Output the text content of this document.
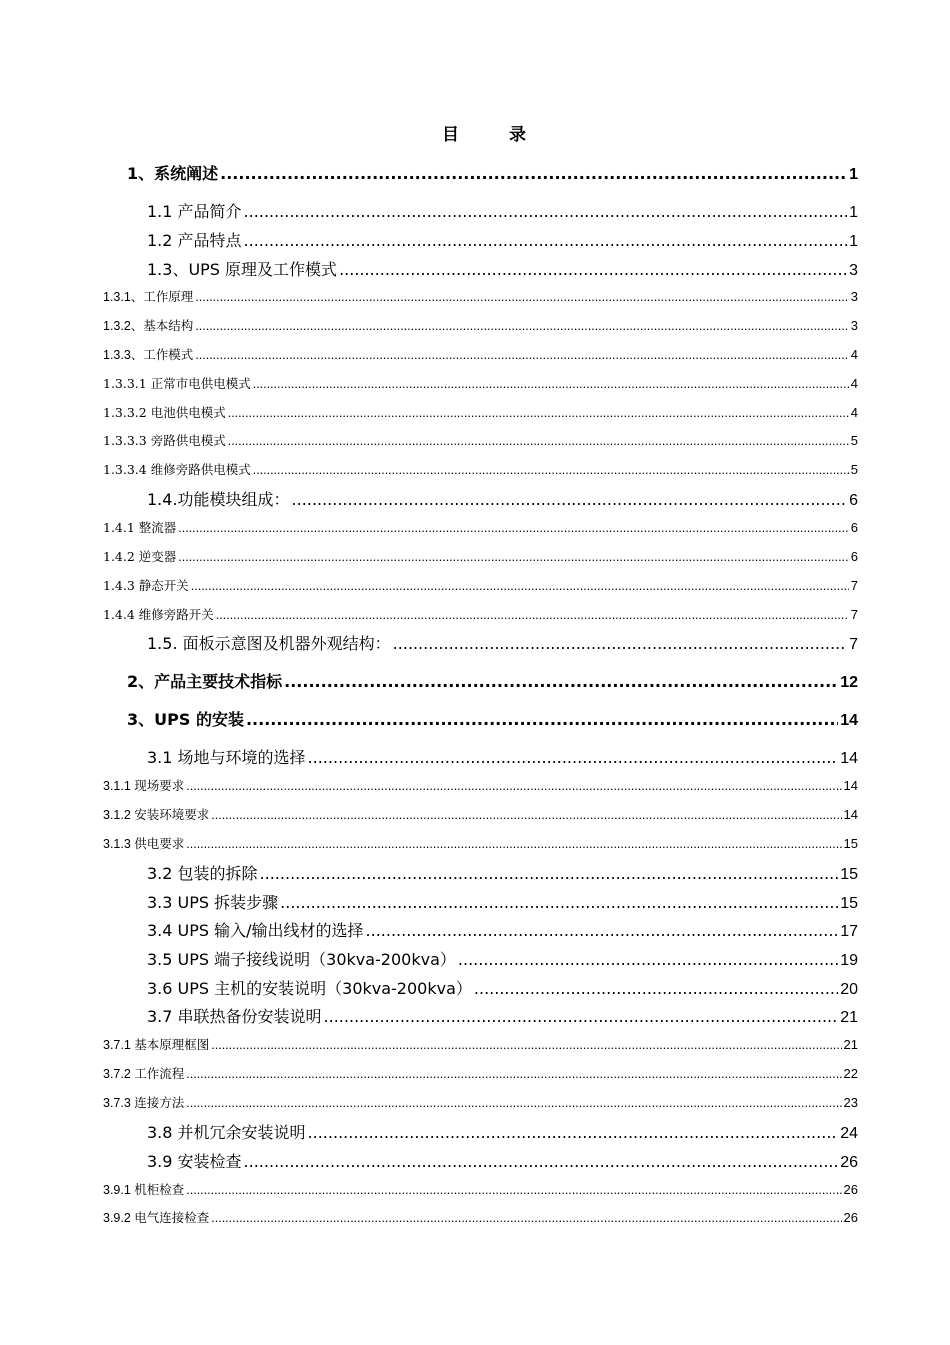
目 录
1、系统阐述 .....	1
1.1 产品简介 .....	1
1.2 产品特点 .....	1
1.3、UPS 原理及工作模式 .....	3
1.3.1、工作原理 .....	3
1.3.2、基本结构 .....	3
1.3.3、工作模式 .....	4
1.3.3.1 正常市电供电模式 .....	4
1.3.3.2 电池供电模式 .....	4
1.3.3.3 旁路供电模式 .....	5
1.3.3.4 维修旁路供电模式 .....	5
1.4.功能模块组成： .....	6
1.4.1 整流器 .....	6
1.4.2 逆变器 .....	6
1.4.3 静态开关 .....	7
1.4.4 维修旁路开关 .....	7
1.5. 面板示意图及机器外观结构： .....	7
2、产品主要技术指标 .....	12
3、UPS 的安装 .....	14
3.1 场地与环境的选择 .....	14
3.1.1 现场要求 .....	14
3.1.2 安装环境要求 .....	14
3.1.3 供电要求 .....	15
3.2 包装的拆除 .....	15
3.3 UPS 拆装步骤 .....	15
3.4 UPS 输入/输出线材的选择 .....	17
3.5 UPS 端子接线说明（30kva-200kva） .....	19
3.6 UPS 主机的安装说明（30kva-200kva） .....	20
3.7 串联热备份安装说明 .....	21
3.7.1 基本原理框图 .....	21
3.7.2 工作流程 .....	22
3.7.3 连接方法 .....	23
3.8 并机冗余安装说明 .....	24
3.9 安装检查 .....	26
3.9.1 机柜检查 .....	26
3.9.2 电气连接检查 .....	26
